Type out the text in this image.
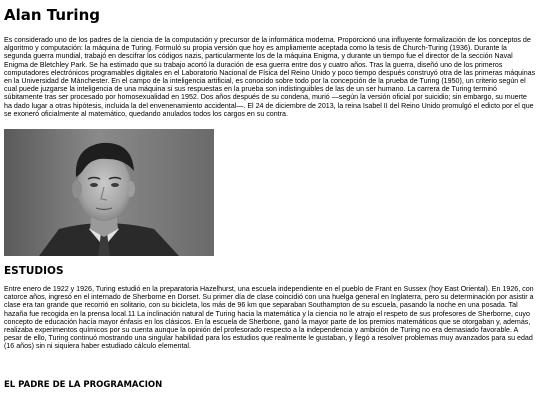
Alan Turing

Es considerado uno de los padres de la ciencia de la computación y precursor de la informática moderna. Proporcionó una influyente formalización de los conceptos de algoritmo y computación: la máquina de Turing. Formuló su propia versión que hoy es ampliamente aceptada como la tesis de Church-Turing (1936). Durante la segunda guerra mundial, trabajó en descifrar los códigos nazis, particularmente los de la máquina Enigma, y durante un tiempo fue el director de la sección Naval Enigma de Bletchley Park. Se ha estimado que su trabajo acortó la duración de esa guerra entre dos y cuatro años. Tras la guerra, diseñó uno de los primeros computadores electrónicos programables digitales en el Laboratorio Nacional de Física del Reino Unido y poco tiempo después construyó otra de las primeras máquinas en la Universidad de Mánchester. En el campo de la inteligencia artificial, es conocido sobre todo por la concepción de la prueba de Turing (1950), un criterio según el cual puede juzgarse la inteligencia de una máquina si sus respuestas en la prueba son indistinguibles de las de un ser humano. La carrera de Turing terminó súbitamente tras ser procesado por homosexualidad en 1952. Dos años después de su condena, murió —según la versión oficial por suicidio; sin embargo, su muerte ha dado lugar a otras hipótesis, incluida la del envenenamiento accidental—. El 24 de diciembre de 2013, la reina Isabel II del Reino Unido promulgó el edicto por el que se exoneró oficialmente al matemático, quedando anulados todos los cargos en su contra.

ESTUDIOS

Entre enero de 1922 y 1926, Turing estudió en la preparatoria Hazelhurst, una escuela independiente en el pueblo de Frant en Sussex (hoy East Oriental). En 1926, con catorce años, ingresó en el internado de Sherborne en Dorset. Su primer día de clase coincidió con una huelga general en Inglaterra, pero su determinación por asistir a clase era tan grande que recorrió en solitario, con su bicicleta, los más de 96 km que separaban Southampton de su escuela, pasando la noche en una posada. Tal hazaña fue recogida en la prensa local.11 La inclinación natural de Turing hacia la matemática y la ciencia no le atrajo el respeto de sus profesores de Sherborne, cuyo concepto de educación hacía mayor énfasis en los clásicos. En la escuela de Sherbone, ganó la mayor parte de los premios matemáticos que se otorgaban y, además, realizaba experimentos químicos por su cuenta aunque la opinión del profesorado respecto a la independencia y ambición de Turing no era demasiado favorable. A pesar de ello, Turing continuó mostrando una singular habilidad para los estudios que realmente le gustaban, y llegó a resolver problemas muy avanzados para su edad (16 años) sin ni siquiera haber estudiado cálculo elemental.

EL PADRE DE LA PROGRAMACION
